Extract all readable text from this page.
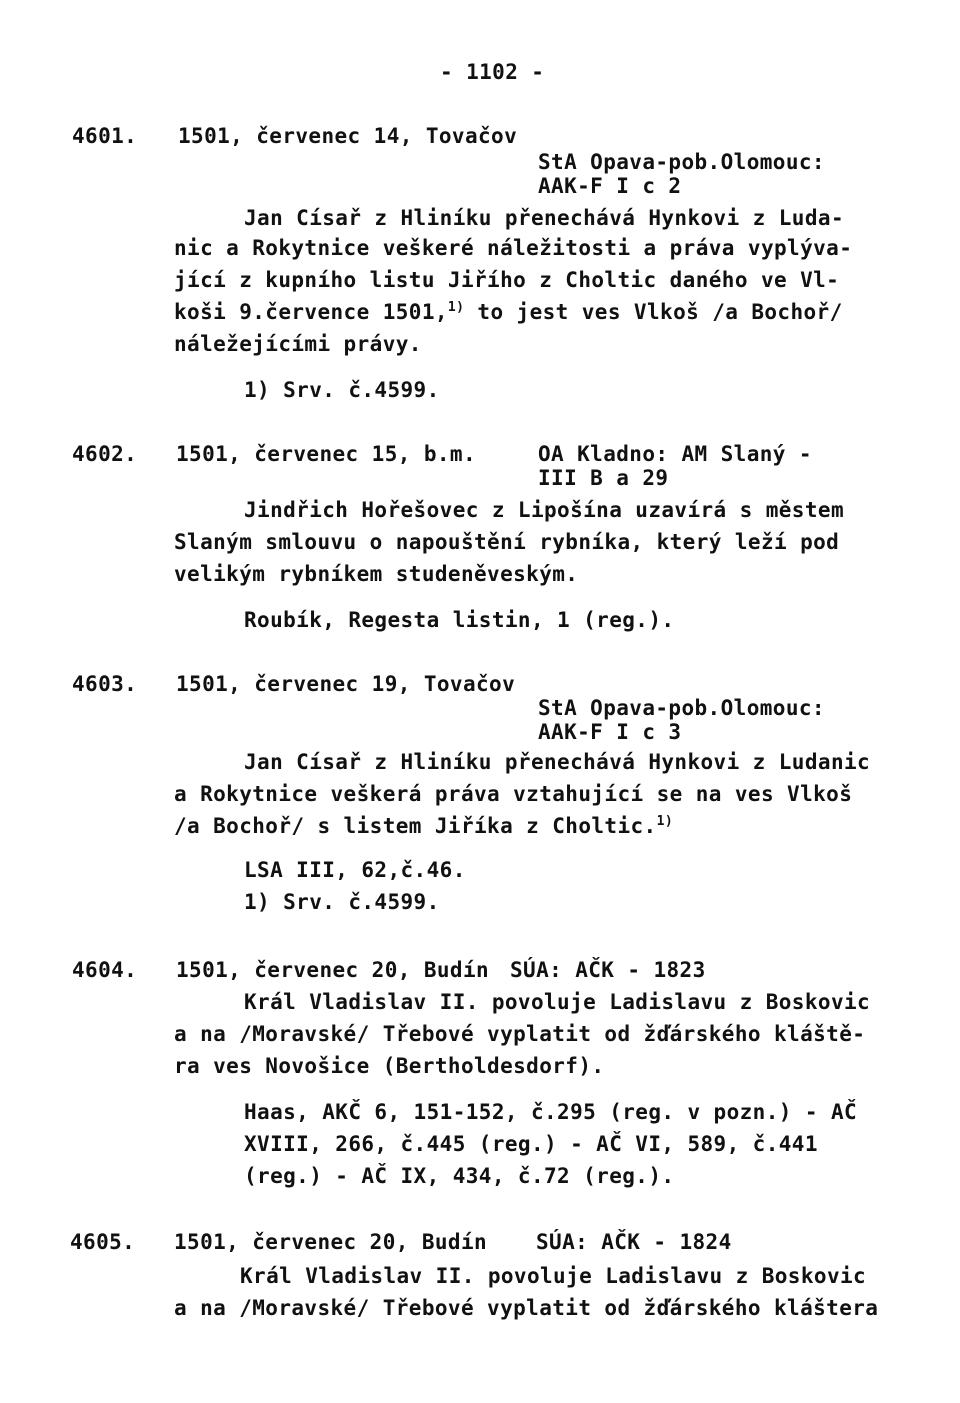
- 1102 -
4601. 1501, červenec 14, Tovačov
StA Opava-pob.Olomouc:
AAK-F I c 2
Jan Císař z Hliníku přenechává Hynkovi z Luda-
nic a Rokytnice veškeré náležitosti a práva vyplýva-
jící z kupního listu Jiřího z Choltic daného ve Vl-
koši 9.července 1501,$^{1)}$ to jest ves Vlkoš /a Bochoř/
náležejícími právy.
1) Srv. č.4599.
4602. 1501, červenec 15, b.m.	OA Kladno: AM Slaný -
III B a 29
Jindřich Hořešovec z Lipošína uzavírá s městem
Slaným smlouvu o napouštění rybníka, který leží pod
velikým rybníkem studeněveským.
Roubík, Regesta listin, 1 (reg.).
4603. 1501, červenec 19, Tovačov
StA Opava-pob.Olomouc:
AAK-F I c 3
Jan Císař z Hliníku přenechává Hynkovi z Ludanic
a Rokytnice veškerá práva vztahující se na ves Vlkoš
/a Bochoř/ s listem Jiříka z Choltic.$^{1)}$
LSA III, 62,č.46.
1) Srv. č.4599.
4604. 1501, červenec 20, Budín SÚA: AČK - 1823
Král Vladislav II. povoluje Ladislavu z Boskovic
a na /Moravské/ Třebové vyplatit od žďárského kláště-
ra ves Novošice (Bertholdesdorf).
Haas, AKČ 6, 151-152, č.295 (reg. v pozn.) - AČ
XVIII, 266, č.445 (reg.) - AČ VI, 589, č.441
(reg.) - AČ IX, 434, č.72 (reg.).
4605. 1501, červenec 20, Budín SÚA: AČK - 1824
Král Vladislav II. povoluje Ladislavu z Boskovic
a na /Moravské/ Třebové vyplatit od žďárského kláštera
